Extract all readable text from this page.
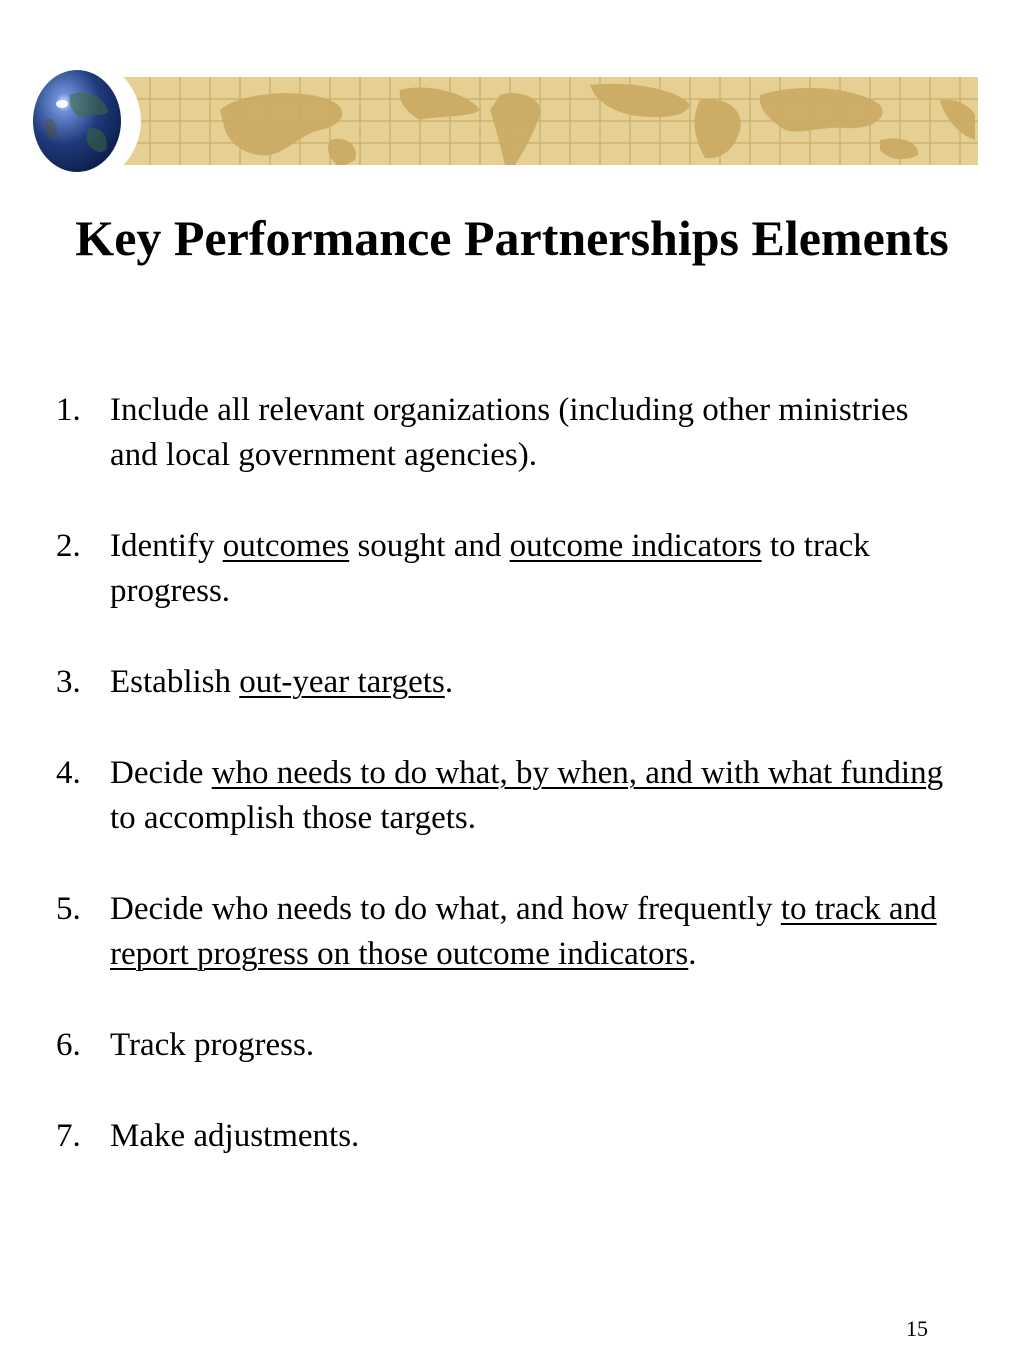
Key Performance Partnerships Elements
1. Include all relevant organizations (including other ministries and local government agencies).
2. Identify outcomes sought and outcome indicators to track progress.
3. Establish out-year targets.
4. Decide who needs to do what, by when, and with what funding to accomplish those targets.
5. Decide who needs to do what, and how frequently to track and report progress on those outcome indicators.
6. Track progress.
7. Make adjustments.
15
